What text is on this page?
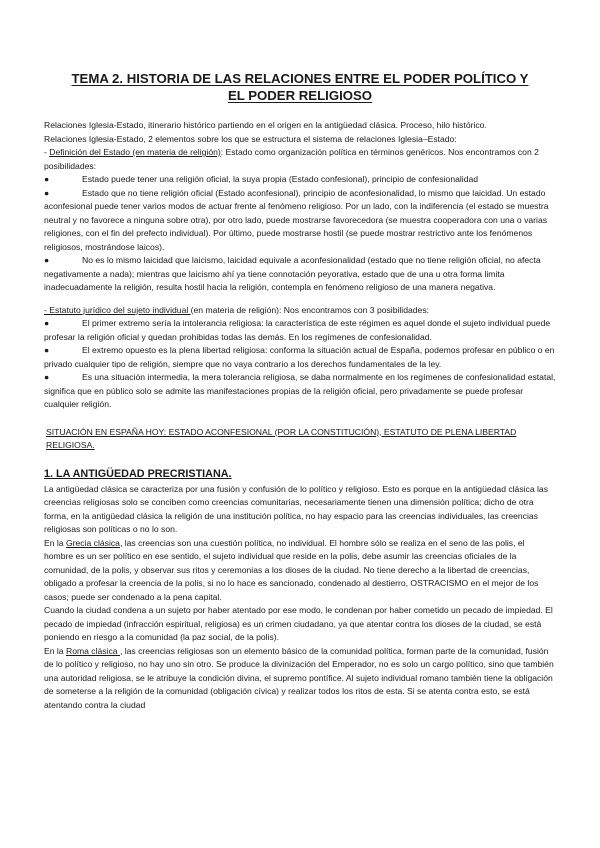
TEMA 2. HISTORIA DE LAS RELACIONES ENTRE EL PODER POLÍTICO Y EL PODER RELIGIOSO

Relaciones Iglesia-Estado, itinerario histórico partiendo en el origen en la antigüedad clásica. Proceso, hilo histórico.

Relaciones Iglesia-Estado, 2 elementos sobre los que se estructura el sistema de relaciones Iglesia–Estado:

- Definición del Estado (en materia de religión): Estado como organización política en términos genéricos. Nos encontramos con 2 posibilidades:

●	Estado puede tener una religión oficial, la suya propia (Estado confesional), principio de confesionalidad

●	Estado que no tiene religión oficial (Estado aconfesional), principio de aconfesionalidad, lo mismo que laicidad. Un estado aconfesional puede tener varios modos de actuar frente al fenómeno religioso. Por un lado, con la indiferencia (el estado se muestra neutral y no favorece a ninguna sobre otra), por otro lado, puede mostrarse favorecedora (se muestra cooperadora con una o varias religiones, con el fin del prefecto individual). Por último, puede mostrarse hostil (se puede mostrar restrictivo ante los fenómenos religiosos, mostrándose laicos).

●	No es lo mismo laicidad que laicismo, laicidad equivale a aconfesionalidad (estado que no tiene religión oficial, no afecta negativamente a nada); mientras que laicismo ahí ya tiene connotación peyorativa, estado que de una u otra forma limita inadecuadamente la religión, resulta hostil hacia la religión, contempla en fenómeno religioso de una manera negativa.

- Estatuto jurídico del sujeto individual (en materia de religión): Nos encontramos con 3 posibilidades:

●	El primer extremo sería la intolerancia religiosa: la característica de este régimen es aquel donde el sujeto individual puede profesar la religión oficial y quedan prohibidas todas las demás. En los regímenes de confesionalidad.

●	El extremo opuesto es la plena libertad religiosa: conforma la situación actual de España, podemos profesar en público o en privado cualquier tipo de religión, siempre que no vaya contrario a los derechos fundamentales de la ley.

●	Es una situación intermedia, la mera tolerancia religiosa, se daba normalmente en los regímenes de confesionalidad estatal, significa que en público solo se admite las manifestaciones propias de la religión oficial, pero privadamente se puede profesar cualquier religión.

SITUACIÓN EN ESPAÑA HOY: ESTADO ACONFESIONAL (POR LA CONSTITUCIÓN), ESTATUTO DE PLENA LIBERTAD RELIGIOSA.

1. LA ANTIGÜEDAD PRECRISTIANA.

La antigüedad clásica se caracteriza por una fusión y confusión de lo político y religioso. Esto es porque en la antigüedad clásica las creencias religiosas solo se conciben como creencias comunitarias, necesariamente tienen una dimensión política; dicho de otra forma, en la antigüedad clásica la religión de una institución política, no hay espacio para las creencias individuales, las creencias religiosas son políticas o no lo son.

En la Grecia clásica, las creencias son una cuestión política, no individual. El hombre sólo se realiza en el seno de las polis, el hombre es un ser político en ese sentido, el sujeto individual que reside en la polis, debe asumir las creencias oficiales de la comunidad, de la polis, y observar sus ritos y ceremonias a los dioses de la ciudad. No tiene derecho a la libertad de creencias, obligado a profesar la creencia de la polis, si no lo hace es sancionado, condenado al destierro, OSTRACISMO en el mejor de los casos; puede ser condenado a la pena capital.

Cuando la ciudad condena a un sujeto por haber atentado por ese modo, le condenan por haber cometido un pecado de impiedad. El pecado de impiedad (infracción espiritual, religiosa) es un crimen ciudadano, ya que atentar contra los dioses de la ciudad, se está poniendo en riesgo a la comunidad (la paz social, de la polis).

En la Roma clásica , las creencias religiosas son un elemento básico de la comunidad política, forman parte de la comunidad, fusión de lo político y religioso, no hay uno sin otro. Se produce la divinización del Emperador, no es solo un cargo político, sino que también una autoridad religiosa, se le atribuye la condición divina, el supremo pontífice. Al sujeto individual romano también tiene la obligación de someterse a la religión de la comunidad (obligación cívica) y realizar todos los ritos de esta. Si se atenta contra esto, se está atentando contra la ciudad
